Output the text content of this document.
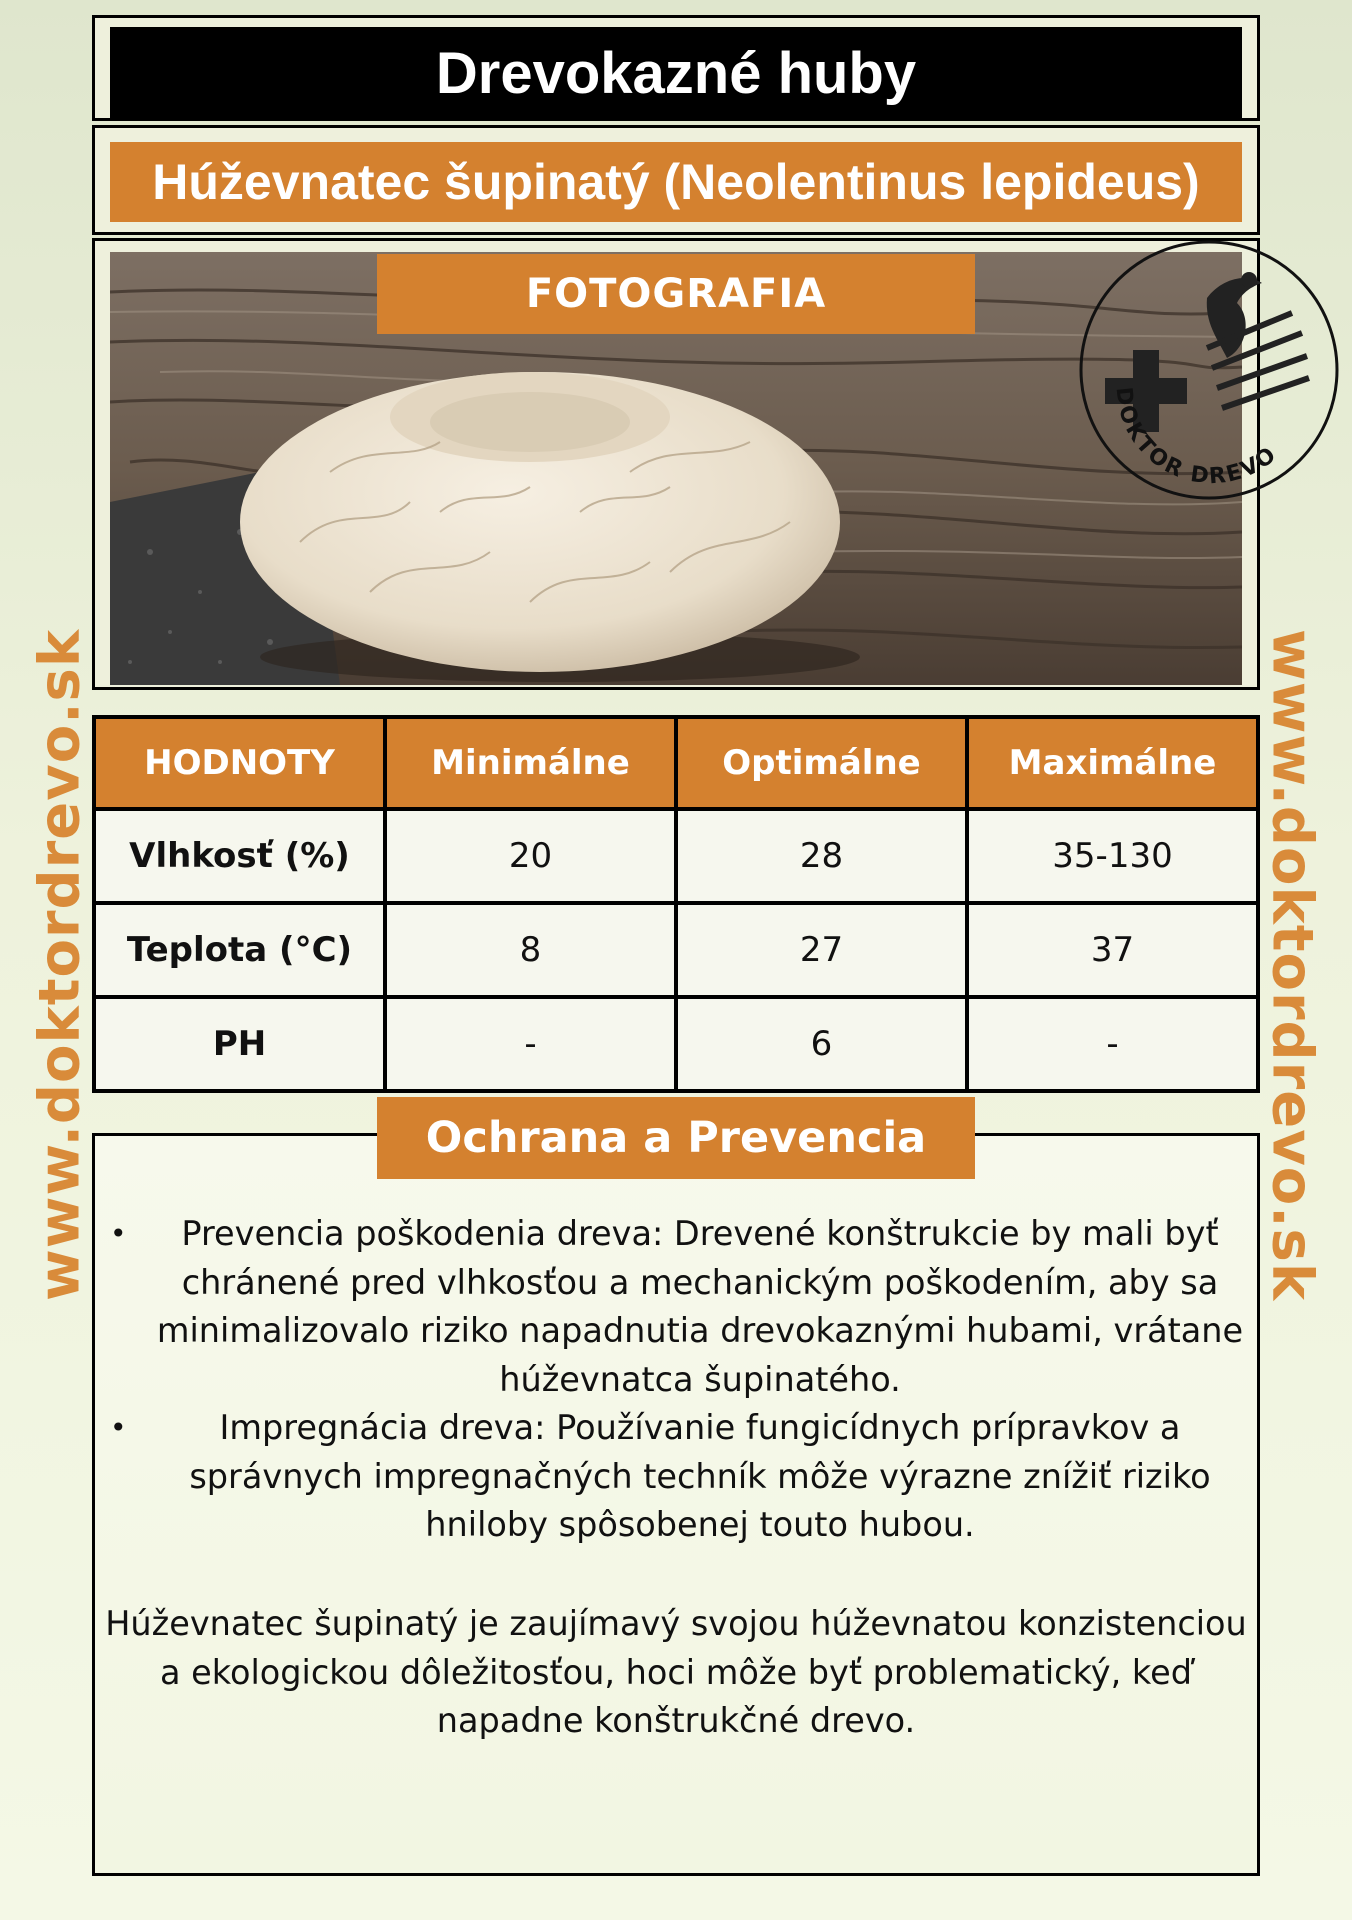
www.doktordrevo.sk	www.doktordrevo.sk
Drevokazné huby
Húževnatec šupinatý (Neolentinus lepideus)
FOTOGRAFIA
DOKTOR DREVO
HODNOTY	Minimálne	Optimálne	Maximálne
Vlhkosť (%)	20	28	35-130
Teplota (°C)	8	27	37
PH	-	6	-
Ochrana a Prevencia
• Prevencia poškodenia dreva: Drevené konštrukcie by mali byť chránené pred vlhkosťou a mechanickým poškodením, aby sa minimalizovalo riziko napadnutia drevokaznými hubami, vrátane húževnatca šupinatého.
•	Impregnácia dreva: Používanie fungicídnych prípravkov a správnych impregnačných techník môže výrazne znížiť riziko hniloby spôsobenej touto hubou.
Húževnatec šupinatý je zaujímavý svojou húževnatou konzistenciou a ekologickou dôležitosťou, hoci môže byť problematický, keď napadne konštrukčné drevo.
